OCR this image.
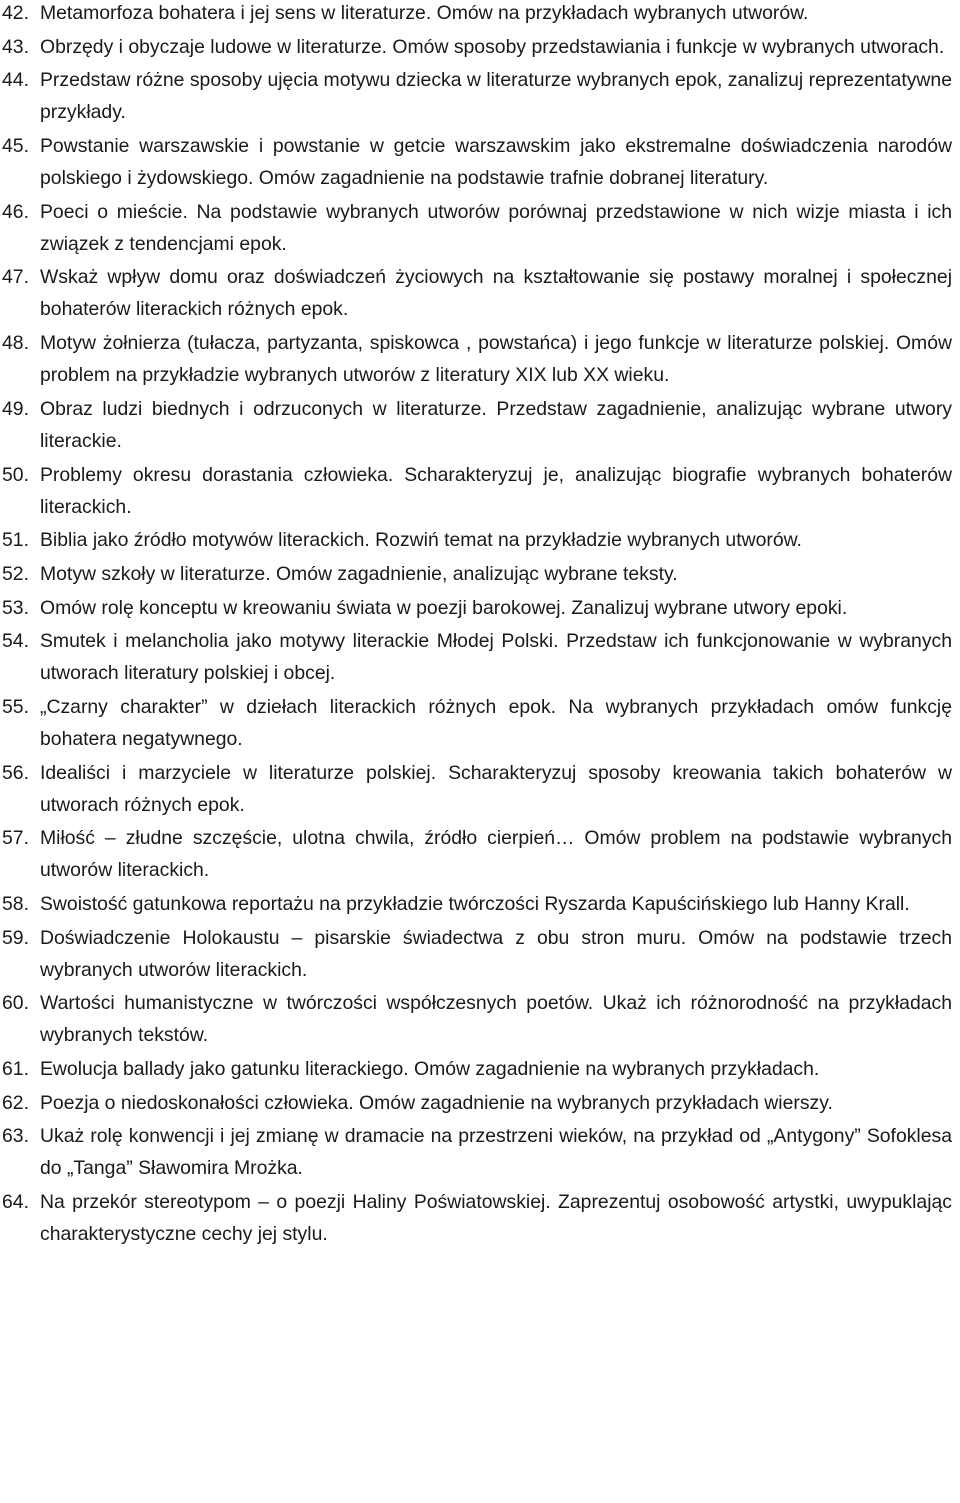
42. Metamorfoza bohatera i jej sens w literaturze. Omów na przykładach wybranych utworów.
43. Obrzędy i obyczaje ludowe w literaturze. Omów sposoby przedstawiania i funkcje w wybranych utworach.
44. Przedstaw różne sposoby ujęcia motywu dziecka w literaturze wybranych epok, zanalizuj reprezentatywne przykłady.
45. Powstanie warszawskie i powstanie w getcie warszawskim jako ekstremalne doświadczenia narodów polskiego i żydowskiego. Omów zagadnienie na podstawie trafnie dobranej literatury.
46. Poeci o mieście. Na podstawie wybranych utworów porównaj przedstawione w nich wizje miasta i ich związek z tendencjami epok.
47. Wskaż wpływ domu oraz doświadczeń życiowych na kształtowanie się postawy moralnej i społecznej bohaterów literackich różnych epok.
48. Motyw żołnierza (tułacza, partyzanta, spiskowca , powstańca) i jego funkcje w literaturze polskiej. Omów problem na przykładzie wybranych utworów z literatury XIX lub XX wieku.
49. Obraz ludzi biednych i odrzuconych w literaturze. Przedstaw zagadnienie, analizując wybrane utwory literackie.
50. Problemy okresu dorastania człowieka. Scharakteryzuj je, analizując biografie wybranych bohaterów literackich.
51. Biblia jako źródło motywów literackich. Rozwiń temat na przykładzie wybranych utworów.
52. Motyw szkoły w literaturze. Omów zagadnienie, analizując wybrane teksty.
53. Omów rolę konceptu w kreowaniu świata w poezji barokowej. Zanalizuj wybrane utwory epoki.
54. Smutek i melancholia jako motywy literackie Młodej Polski. Przedstaw ich funkcjonowanie w wybranych utworach literatury polskiej i obcej.
55. „Czarny charakter” w dziełach literackich różnych epok. Na wybranych przykładach omów funkcję bohatera negatywnego.
56. Idealiści i marzyciele w literaturze polskiej. Scharakteryzuj sposoby kreowania takich bohaterów w utworach różnych epok.
57. Miłość – złudne szczęście, ulotna chwila, źródło cierpień… Omów problem na podstawie wybranych utworów literackich.
58. Swoistość gatunkowa reportażu na przykładzie twórczości Ryszarda Kapuścińskiego lub Hanny Krall.
59. Doświadczenie Holokaustu – pisarskie świadectwa z obu stron muru. Omów na podstawie trzech wybranych utworów literackich.
60. Wartości humanistyczne w twórczości współczesnych poetów. Ukaż ich różnorodność na przykładach wybranych tekstów.
61. Ewolucja ballady jako gatunku literackiego. Omów zagadnienie na wybranych przykładach.
62. Poezja o niedoskonałości człowieka. Omów zagadnienie na wybranych przykładach wierszy.
63. Ukaż rolę konwencji i jej zmianę w dramacie na przestrzeni wieków, na przykład od „Antygony” Sofoklesa do „Tanga” Sławomira Mrożka.
64. Na przekór stereotypom – o poezji Haliny Poświatowskiej. Zaprezentuj osobowość artystki, uwypuklając charakterystyczne cechy jej stylu.
